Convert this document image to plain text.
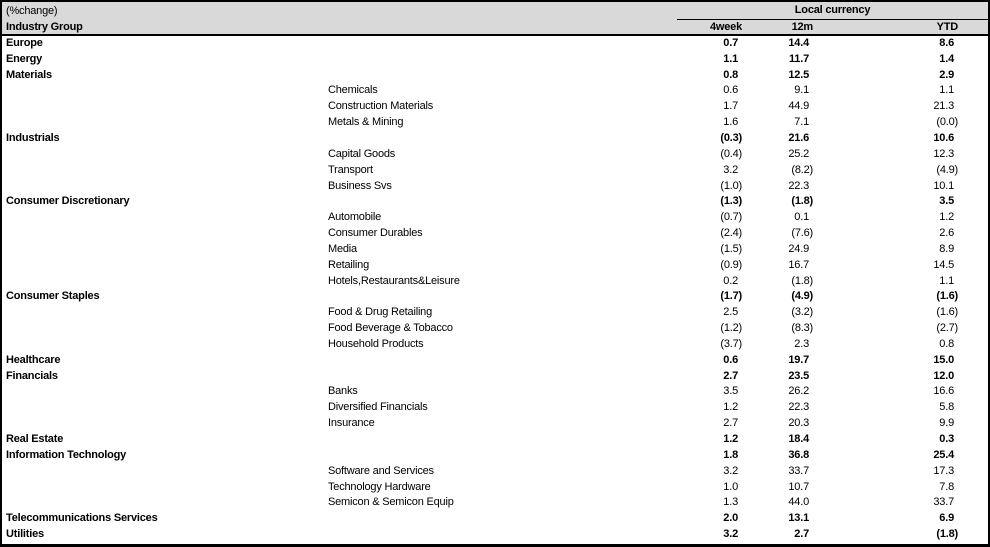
(%change)		Local currency			
Industry Group		4week	12m	YTD	
Europe		0.7	14.4	8.6	
Energy		1.1	11.7	1.4	
Materials		0.8	12.5	2.9	
	Chemicals	0.6	9.1	1.1	
	Construction Materials	1.7	44.9	21.3	
	Metals & Mining	1.6	7.1	(0.0)	
Industrials		(0.3)	21.6	10.6	
	Capital Goods	(0.4)	25.2	12.3	
	Transport	3.2	(8.2)	(4.9)	
	Business Svs	(1.0)	22.3	10.1	
Consumer Discretionary		(1.3)	(1.8)	3.5	
	Automobile	(0.7)	0.1	1.2	
	Consumer Durables	(2.4)	(7.6)	2.6	
	Media	(1.5)	24.9	8.9	
	Retailing	(0.9)	16.7	14.5	
	Hotels,Restaurants&Leisure	0.2	(1.8)	1.1	
Consumer Staples		(1.7)	(4.9)	(1.6)	
	Food & Drug Retailing	2.5	(3.2)	(1.6)	
	Food Beverage & Tobacco	(1.2)	(8.3)	(2.7)	
	Household Products	(3.7)	2.3	0.8	
Healthcare		0.6	19.7	15.0	
Financials		2.7	23.5	12.0	
	Banks	3.5	26.2	16.6	
	Diversified Financials	1.2	22.3	5.8	
	Insurance	2.7	20.3	9.9	
Real Estate		1.2	18.4	0.3	
Information Technology		1.8	36.8	25.4	
	Software and Services	3.2	33.7	17.3	
	Technology Hardware	1.0	10.7	7.8	
	Semicon & Semicon Equip	1.3	44.0	33.7	
Telecommunications Services		2.0	13.1	6.9	
Utilities		3.2	2.7	(1.8)	
